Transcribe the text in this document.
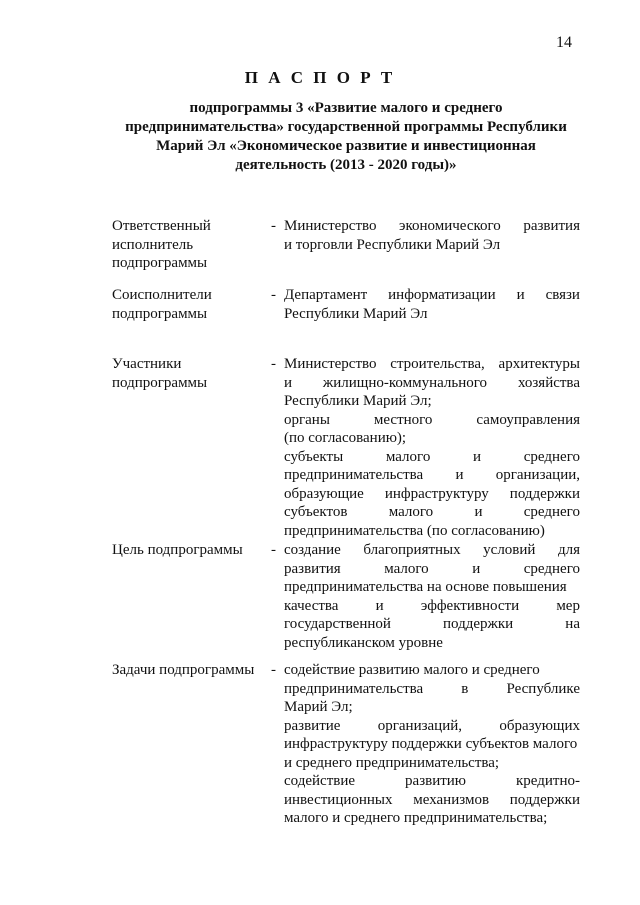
14
П А С П О Р Т
подпрограммы 3 «Развитие малого и среднего
предпринимательства» государственной программы Республики
Марий Эл «Экономическое развитие и инвестиционная
деятельность (2013 - 2020 годы)»
Ответственный
исполнитель
подпрограммы
- Министерство экономического развития
и торговли Республики Марий Эл
Соисполнители
подпрограммы
- Департамент информатизации и связи
Республики Марий Эл
Участники
подпрограммы
- Министерство строительства, архитектуры
и жилищно-коммунального хозяйства
Республики Марий Эл;
органы	местного	самоуправления
(по согласованию);
субъекты	малого	и	среднего
предпринимательства и организации,
образующие инфраструктуру поддержки
субъектов	малого	и	среднего
предпринимательства (по согласованию)
Цель подпрограммы	- создание благоприятных условий для
развития	малого	и	среднего
предпринимательства на основе повышения
качества и эффективности мер
государственной	поддержки	на
республиканском уровне
Задачи подпрограммы	- содействие развитию малого и среднего
предпринимательства	в	Республике
Марий Эл;
развитие организаций, образующих
инфраструктуру поддержки субъектов малого
и среднего предпринимательства;
содействие	развитию	кредитно-
инвестиционных механизмов поддержки
малого и среднего предпринимательства;
